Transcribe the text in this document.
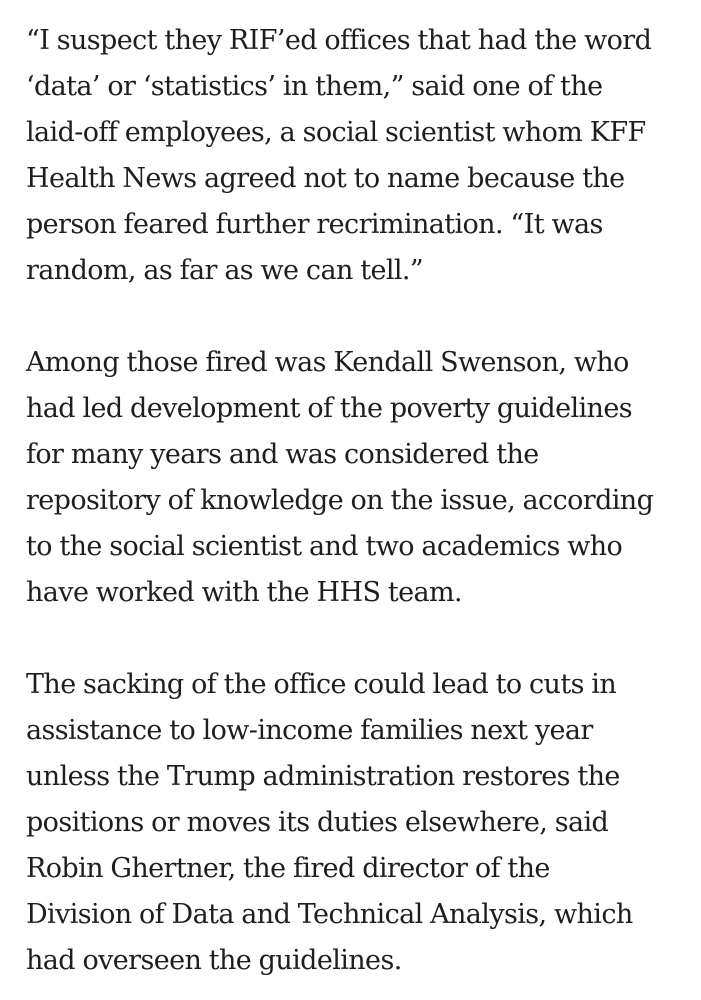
“I suspect they RIF’ed offices that had the word
‘data’ or ‘statistics’ in them,” said one of the
laid-off employees, a social scientist whom KFF
Health News agreed not to name because the
person feared further recrimination. “It was
random, as far as we can tell.”

Among those fired was Kendall Swenson, who
had led development of the poverty guidelines
for many years and was considered the
repository of knowledge on the issue, according
to the social scientist and two academics who
have worked with the HHS team.

The sacking of the office could lead to cuts in
assistance to low-income families next year
unless the Trump administration restores the
positions or moves its duties elsewhere, said
Robin Ghertner, the fired director of the
Division of Data and Technical Analysis, which
had overseen the guidelines.
